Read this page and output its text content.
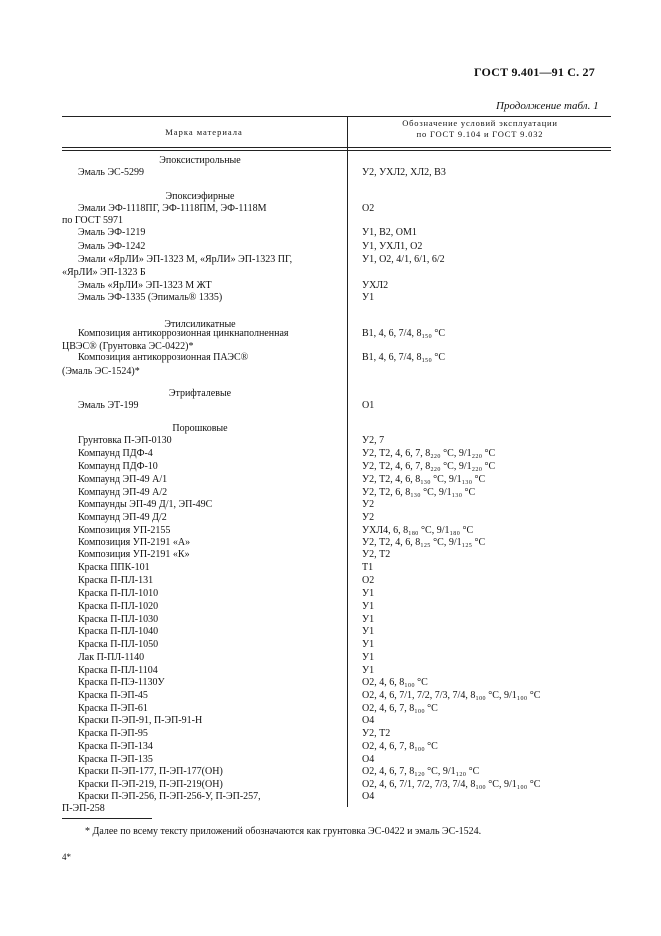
ГОСТ 9.401—91 С. 27
Продолжение табл. 1
Марка материала
Обозначение условий эксплуатации
по ГОСТ 9.104 и ГОСТ 9.032
Эпоксистирольные
Эмаль ЭС-5299	У2, УХЛ2, ХЛ2, В3
Эпоксиэфирные
Эмали ЭФ-1118ПГ, ЭФ-1118ПМ, ЭФ-1118М	О2
по ГОСТ 5971
Эмаль ЭФ-1219	У1, В2, ОМ1
Эмаль ЭФ-1242	У1, УХЛ1, О2
Эмали «ЯрЛИ» ЭП-1323 М, «ЯрЛИ» ЭП-1323 ПГ,	У1, О2, 4/1, 6/1, 6/2
«ЯрЛИ» ЭП-1323 Б
Эмаль «ЯрЛИ» ЭП-1323 М ЖТ	УХЛ2
Эмаль ЭФ-1335 (Эпималь® 1335)	У1
Этилсиликатные
Композиция антикоррозионная цинкнаполненная	В1, 4, 6, 7/4, 8₁₅₀ °С
ЦВЭС® (Грунтовка ЭС-0422)*
Композиция антикоррозионная ПАЭС®	В1, 4, 6, 7/4, 8₁₅₀ °С
(Эмаль ЭС-1524)*
Этрифталевые
Эмаль ЭТ-199	О1
Порошковые
Грунтовка П-ЭП-0130	У2, 7
Компаунд ПДФ-4	У2, Т2, 4, 6, 7, 8₂₂₀ °С, 9/1₂₂₀ °С
Компаунд ПДФ-10	У2, Т2, 4, 6, 7, 8₂₂₀ °С, 9/1₂₂₀ °С
Компаунд ЭП-49 А/1	У2, Т2, 4, 6, 8₁₃₀ °С, 9/1₁₃₀ °С
Компаунд ЭП-49 А/2	У2, Т2, 6, 8₁₃₀ °С, 9/1₁₃₀ °С
Компаунды ЭП-49 Д/1, ЭП-49С	У2
Компаунд ЭП-49 Д/2	У2
Композиция УП-2155	УХЛ4, 6, 8₁₈₀ °С, 9/1₁₈₀ °С
Композиция УП-2191 «А»	У2, Т2, 4, 6, 8₁₂₅ °С, 9/1₁₂₅ °С
Композиция УП-2191 «К»	У2, Т2
Краска ППК-101	Т1
Краска П-ПЛ-131	О2
Краска П-ПЛ-1010	У1
Краска П-ПЛ-1020	У1
Краска П-ПЛ-1030	У1
Краска П-ПЛ-1040	У1
Краска П-ПЛ-1050	У1
Лак П-ПЛ-1140	У1
Краска П-ПЛ-1104	У1
Краска П-ПЭ-1130У	О2, 4, 6, 8₁₀₀ °С
Краска П-ЭП-45	О2, 4, 6, 7/1, 7/2, 7/3, 7/4, 8₁₀₀ °С, 9/1₁₀₀ °С
Краска П-ЭП-61	О2, 4, 6, 7, 8₁₀₀ °С
Краски П-ЭП-91, П-ЭП-91-Н	О4
Краска П-ЭП-95	У2, Т2
Краска П-ЭП-134	О2, 4, 6, 7, 8₁₀₀ °С
Краска П-ЭП-135	О4
Краски П-ЭП-177, П-ЭП-177(ОН)	О2, 4, 6, 7, 8₁₂₀ °С, 9/1₁₂₀ °С
Краски П-ЭП-219, П-ЭП-219(ОН)	О2, 4, 6, 7/1, 7/2, 7/3, 7/4, 8₁₀₀ °С, 9/1₁₀₀ °С
Краски П-ЭП-256, П-ЭП-256-У, П-ЭП-257,	О4
П-ЭП-258
* Далее по всему тексту приложений обозначаются как грунтовка ЭС-0422 и эмаль ЭС-1524.
4*
